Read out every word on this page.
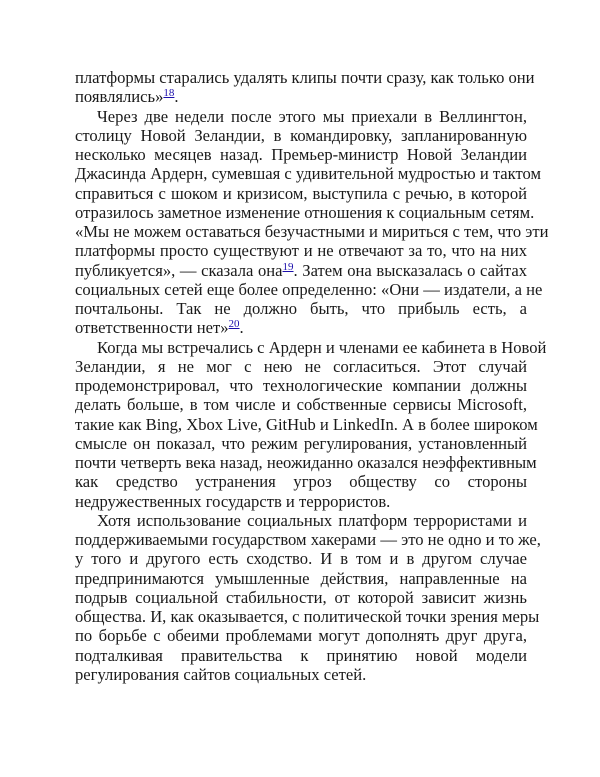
платформы старались удалять клипы почти сразу, как только они
появлялись»$^{18}$.
Через две недели после этого мы приехали в Веллингтон,
столицу Новой Зеландии, в командировку, запланированную
несколько месяцев назад. Премьер-министр Новой Зеландии
Джасинда Ардерн, сумевшая с удивительной мудростью и тактом
справиться с шоком и кризисом, выступила с речью, в которой
отразилось заметное изменение отношения к социальным сетям.
«Мы не можем оставаться безучастными и мириться с тем, что эти
платформы просто существуют и не отвечают за то, что на них
публикуется», — сказала она$^{19}$. Затем она высказалась о сайтах
социальных сетей еще более определенно: «Они — издатели, а не
почтальоны. Так не должно быть, что прибыль есть, а
ответственности нет»$^{20}$.
Когда мы встречались с Ардерн и членами ее кабинета в Новой
Зеландии, я не мог с нею не согласиться. Этот случай
продемонстрировал, что технологические компании должны
делать больше, в том числе и собственные сервисы Microsoft,
такие как Bing, Xbox Live, GitHub и LinkedIn. А в более широком
смысле он показал, что режим регулирования, установленный
почти четверть века назад, неожиданно оказался неэффективным
как средство устранения угроз обществу со стороны
недружественных государств и террористов.
Хотя использование социальных платформ террористами и
поддерживаемыми государством хакерами — это не одно и то же,
у того и другого есть сходство. И в том и в другом случае
предпринимаются умышленные действия, направленные на
подрыв социальной стабильности, от которой зависит жизнь
общества. И, как оказывается, с политической точки зрения меры
по борьбе с обеими проблемами могут дополнять друг друга,
подталкивая правительства к принятию новой модели
регулирования сайтов социальных сетей.
